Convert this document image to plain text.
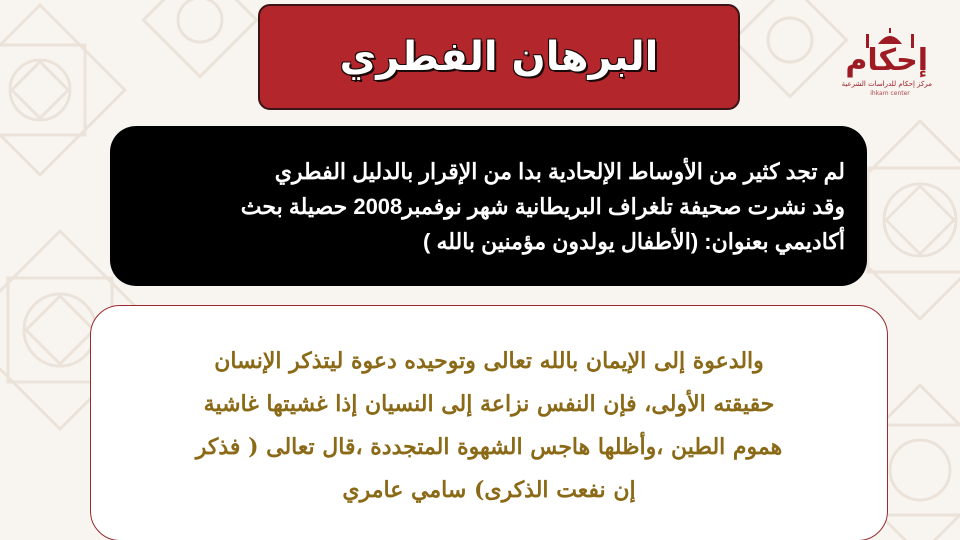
البرهان الفطري
لم تجد كثير من الأوساط الإلحادية بدا من الإقرار بالدليل الفطري
وقد نشرت صحيفة تلغراف البريطانية شهر نوفمبر2008 حصيلة بحث
أكاديمي بعنوان: (الأطفال يولدون مؤمنين بالله )
والدعوة إلى الإيمان بالله تعالى وتوحيده دعوة ليتذكر الإنسان
حقيقته الأولى، فإن النفس نزاعة إلى النسيان إذا غشيتها غاشية
هموم الطين ،وأظلها هاجس الشهوة المتجددة ،قال تعالى ( فذكر
إن نفعت الذكرى) سامي عامري
إحكام
مركز إحكام للدراسات الشرعية
ihkam center
